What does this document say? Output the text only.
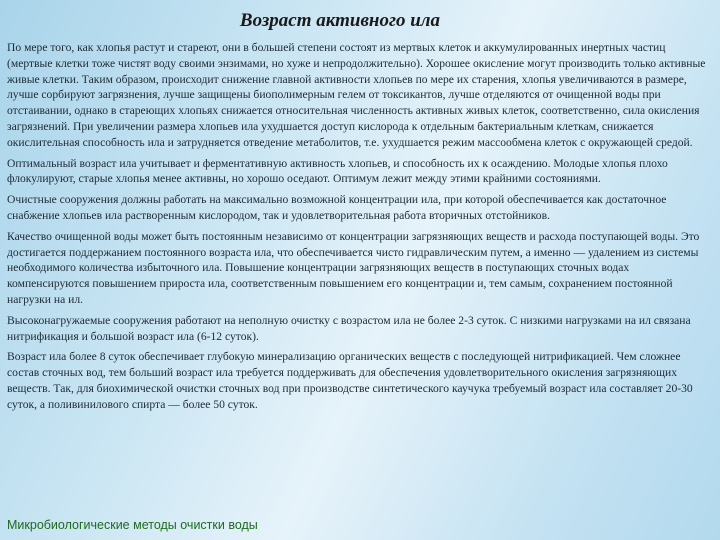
Возраст активного ила

По мере того, как хлопья растут и стареют, они в большей степени состоят из мертвых клеток и аккумулированных инертных частиц (мертвые клетки тоже чистят воду своими энзимами, но хуже и непродолжительно). Хорошее окисление могут производить только активные живые клетки. Таким образом, происходит снижение главной активности хлопьев по мере их старения, хлопья увеличиваются в размере, лучше сорбируют загрязнения, лучше защищены биополимерным гелем от токсикантов, лучше отделяются от очищенной воды при отстаивании, однако в стареющих хлопьях снижается относительная численность активных живых клеток, соответственно, сила окисления загрязнений. При увеличении размера хлопьев ила ухудшается доступ кислорода к отдельным бактериальным клеткам, снижается окислительная способность ила и затрудняется отведение метаболитов, т.е. ухудшается режим массообмена клеток с окружающей средой.

Оптимальный возраст ила учитывает и ферментативную активность хлопьев, и способность их к осаждению. Молодые хлопья плохо флокулируют, старые хлопья менее активны, но хорошо оседают. Оптимум лежит между этими крайними состояниями.

Очистные сооружения должны работать на максимально возможной концентрации ила, при которой обеспечивается как достаточное снабжение хлопьев ила растворенным кислородом, так и удовлетворительная работа вторичных отстойников.

Качество очищенной воды может быть постоянным независимо от концентрации загрязняющих веществ и расхода поступающей воды. Это достигается поддержанием постоянного возраста ила, что обеспечивается чисто гидравлическим путем, а именно — удалением из системы необходимого количества избыточного ила. Повышение концентрации загрязняющих веществ в поступающих сточных водах компенсируются повышением прироста ила, соответственным повышением его концентрации и, тем самым, сохранением постоянной нагрузки на ил.

Высоконагружаемые сооружения работают на неполную очистку с возрастом ила не более 2-3 суток. С низкими нагрузками на ил связана нитрификация и большой возраст ила (6-12 суток).

Возраст ила более 8 суток обеспечивает глубокую минерализацию органических веществ с последующей нитрификацией. Чем сложнее состав сточных вод, тем больший возраст ила требуется поддерживать для обеспечения удовлетворительного окисления загрязняющих веществ. Так, для биохимической очистки сточных вод при производстве синтетического каучука требуемый возраст ила составляет 20-30 суток, а поливинилового спирта — более 50 суток.

Микробиологические методы очистки воды
